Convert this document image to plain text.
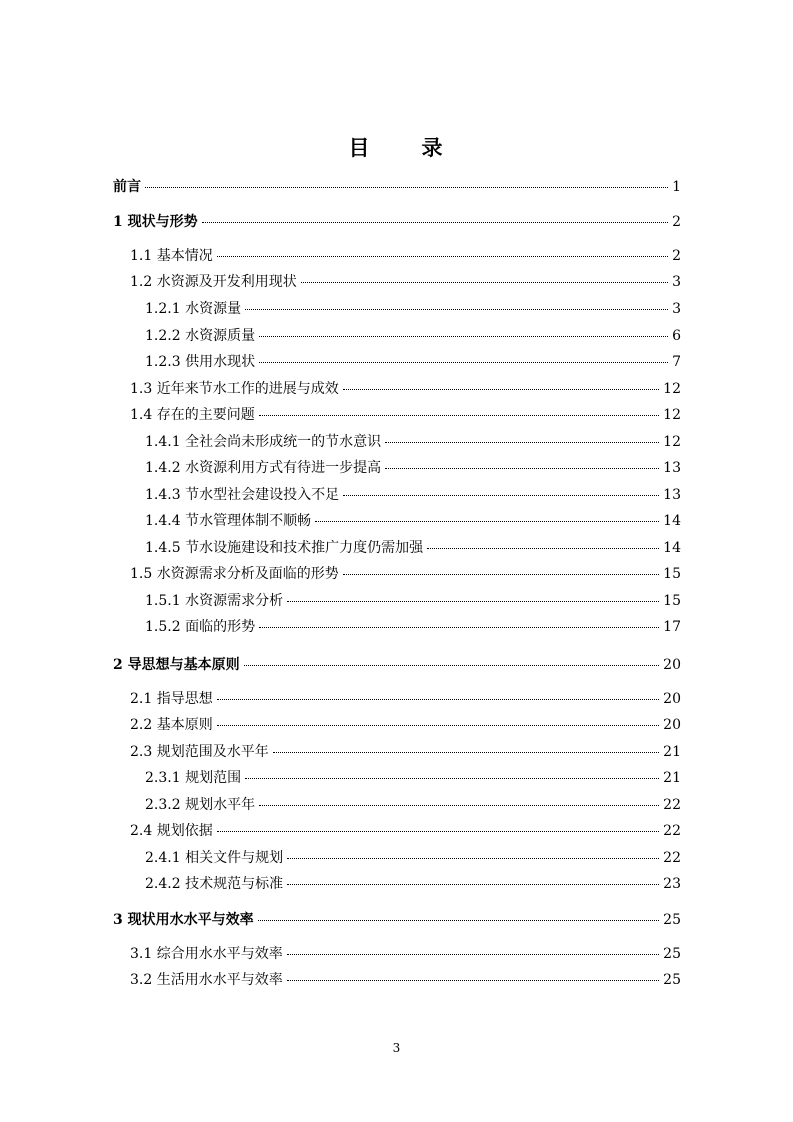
目 录
前言	1
1 现状与形势	2
1.1 基本情况	2
1.2 水资源及开发利用现状	3
1.2.1 水资源量	3
1.2.2 水资源质量	6
1.2.3 供用水现状	7
1.3 近年来节水工作的进展与成效	12
1.4 存在的主要问题	12
1.4.1 全社会尚未形成统一的节水意识	12
1.4.2 水资源利用方式有待进一步提高	13
1.4.3 节水型社会建设投入不足	13
1.4.4 节水管理体制不顺畅	14
1.4.5 节水设施建设和技术推广力度仍需加强	14
1.5 水资源需求分析及面临的形势	15
1.5.1 水资源需求分析	15
1.5.2 面临的形势	17
2 导思想与基本原则	20
2.1 指导思想	20
2.2 基本原则	20
2.3 规划范围及水平年	21
2.3.1 规划范围	21
2.3.2 规划水平年	22
2.4 规划依据	22
2.4.1 相关文件与规划	22
2.4.2 技术规范与标准	23
3 现状用水水平与效率	25
3.1 综合用水水平与效率	25
3.2 生活用水水平与效率	25
3
